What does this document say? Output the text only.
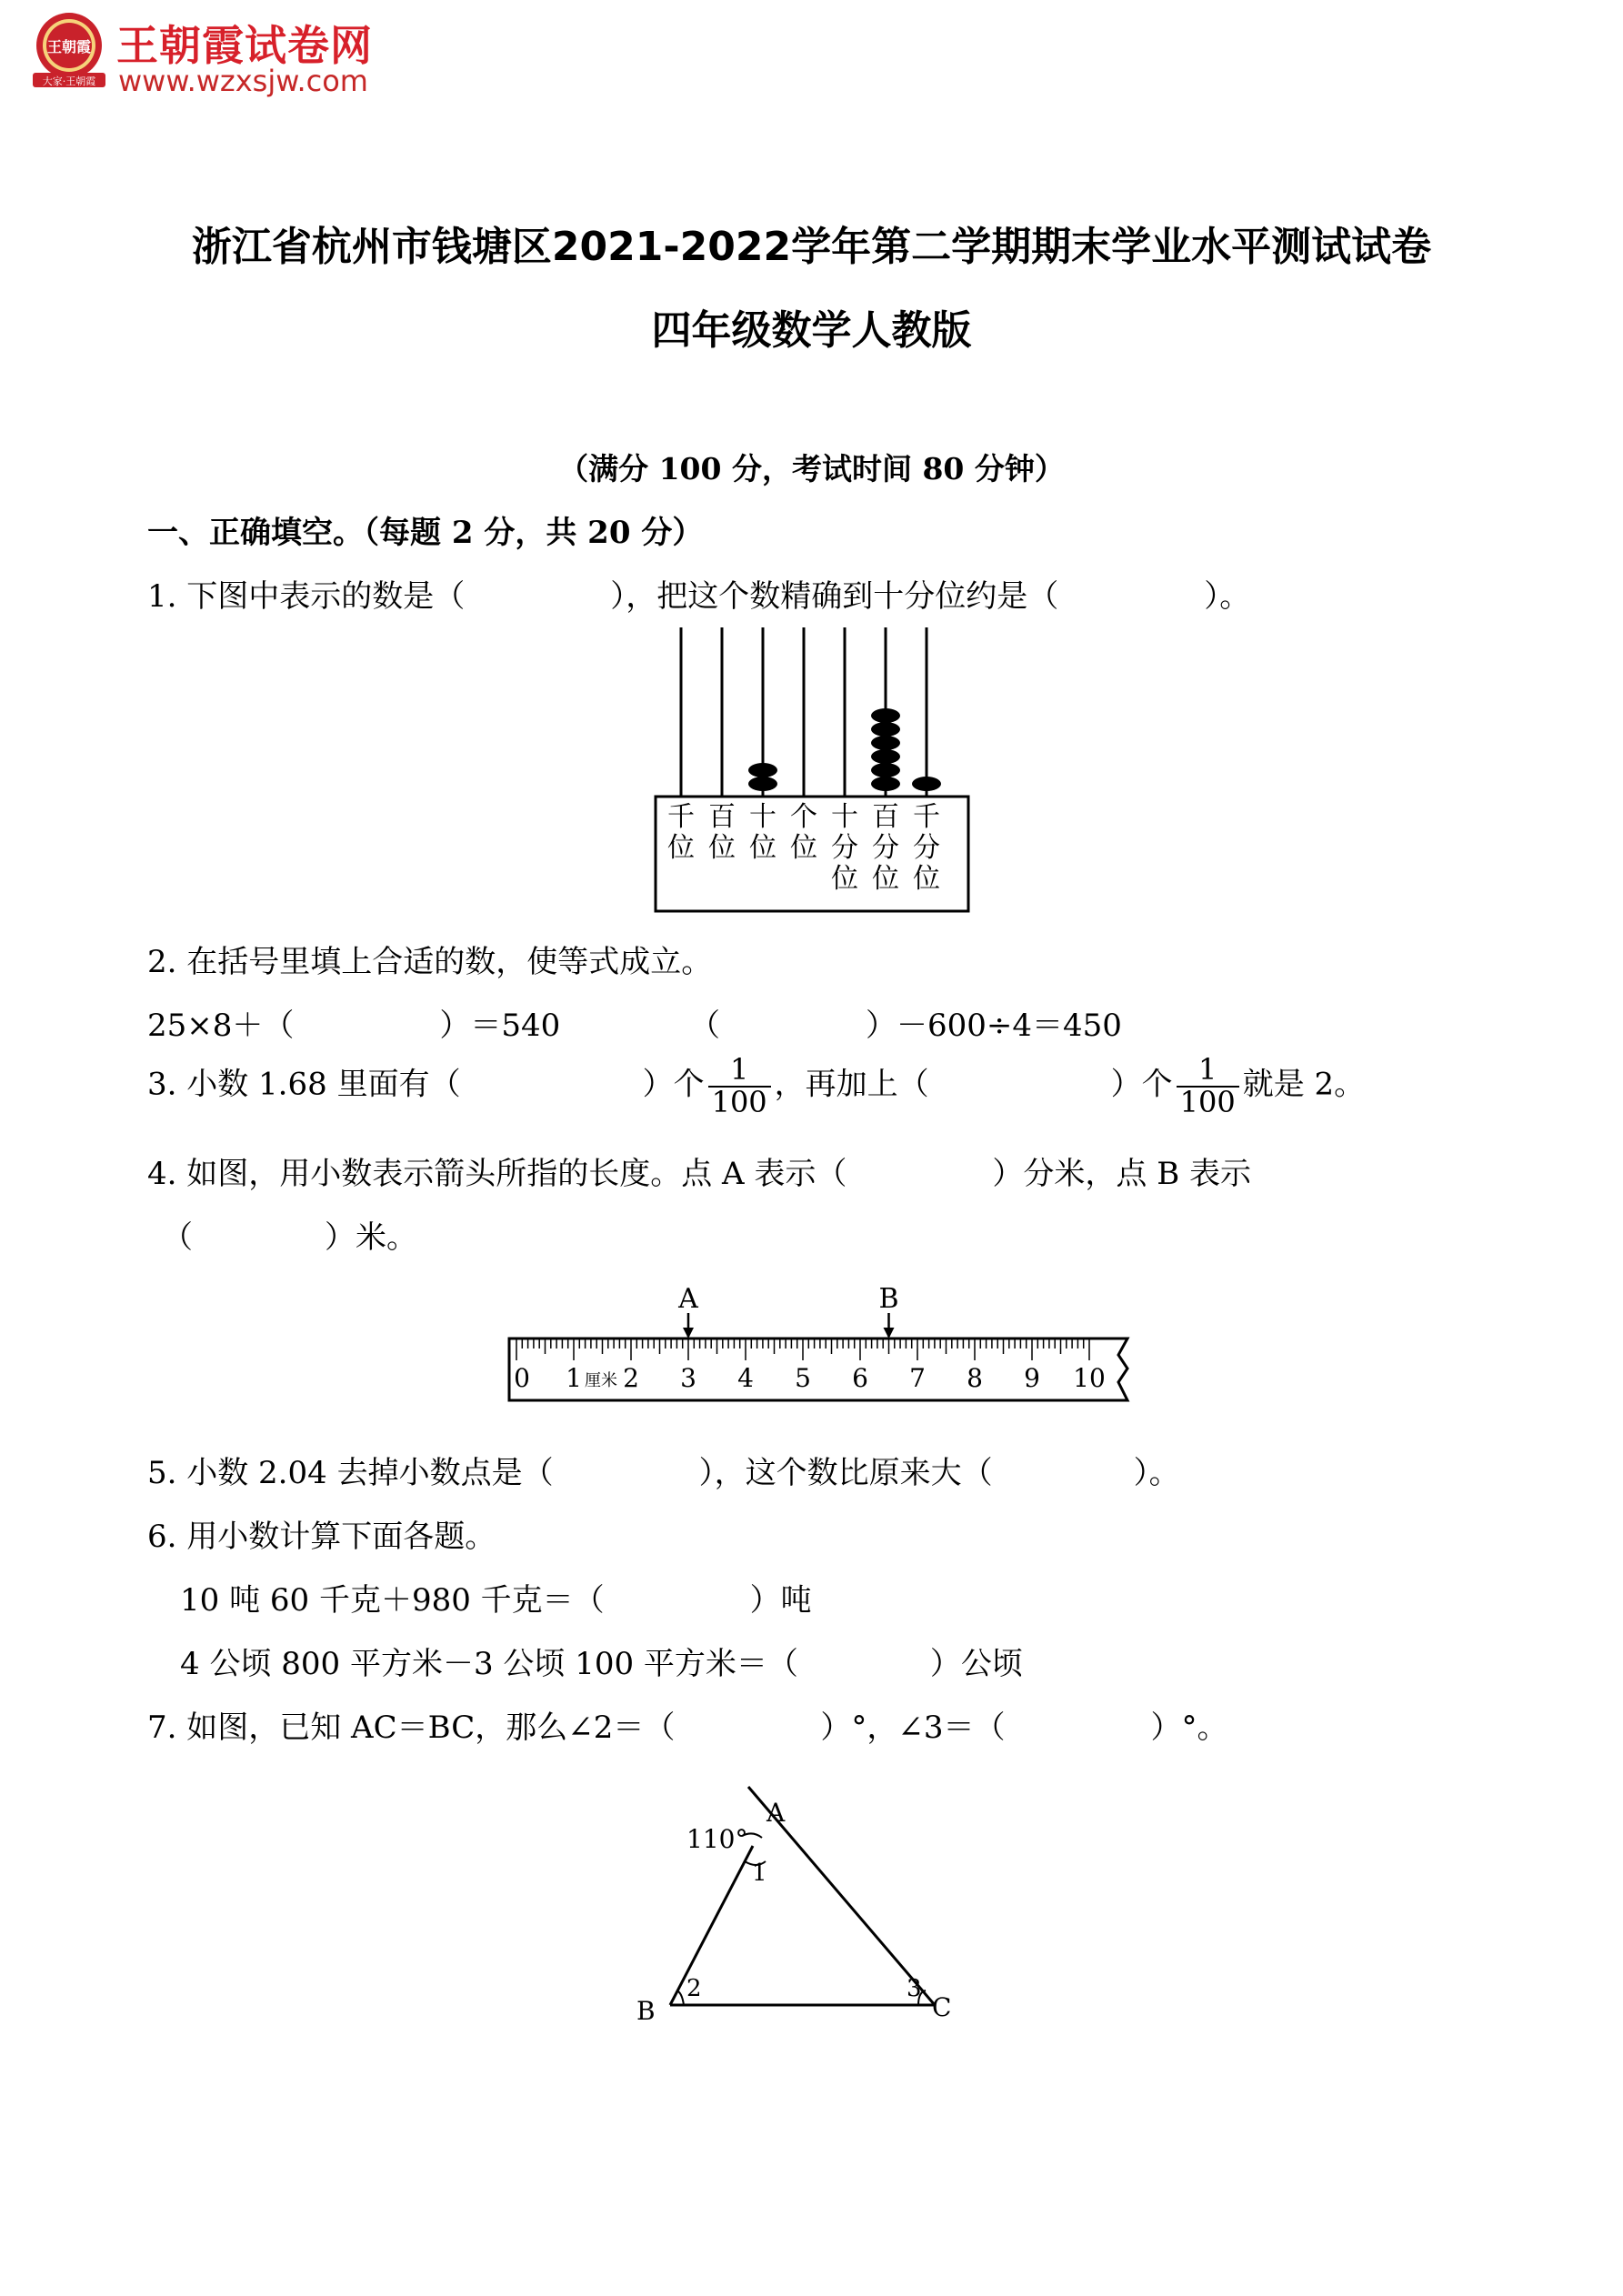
王朝霞
大家·王朝霞
王朝霞试卷网
www.wzxsjw.com
浙江省杭州市钱塘区2021-2022学年第二学期期末学业水平测试试卷
四年级数学人教版
（满分 100 分，考试时间 80 分钟）
一、正确填空。（每题 2 分，共 20 分）
1. 下图中表示的数是（	），把这个数精确到十分位约是（	）。
千
位
百
位
十
位
个
位
十
分
位
百
分
位
千
分
位
2. 在括号里填上合适的数，使等式成立。
25×8＋（	）＝540	（	）－600÷4＝450
3. 小数 1.68 里面有（	）个 $\frac{1}{100}$ ，再加上（	）个 $\frac{1}{100}$ 就是 2。
4. 如图，用小数表示箭头所指的长度。点 A 表示（	）分米，点 B 表示
（	）米。
0 1 2 3 4 5 6 7 8 9 10
厘米
A	B
5. 小数 2.04 去掉小数点是（	），这个数比原来大（	）。
6. 用小数计算下面各题。
10 吨 60 千克＋980 千克＝（	）吨
4 公顷 800 平方米－3 公顷 100 平方米＝（	）公顷
7. 如图，已知 AC＝BC，那么∠2＝（	）°，∠3＝（	）°。
110°
A
1
2	3
B	C
